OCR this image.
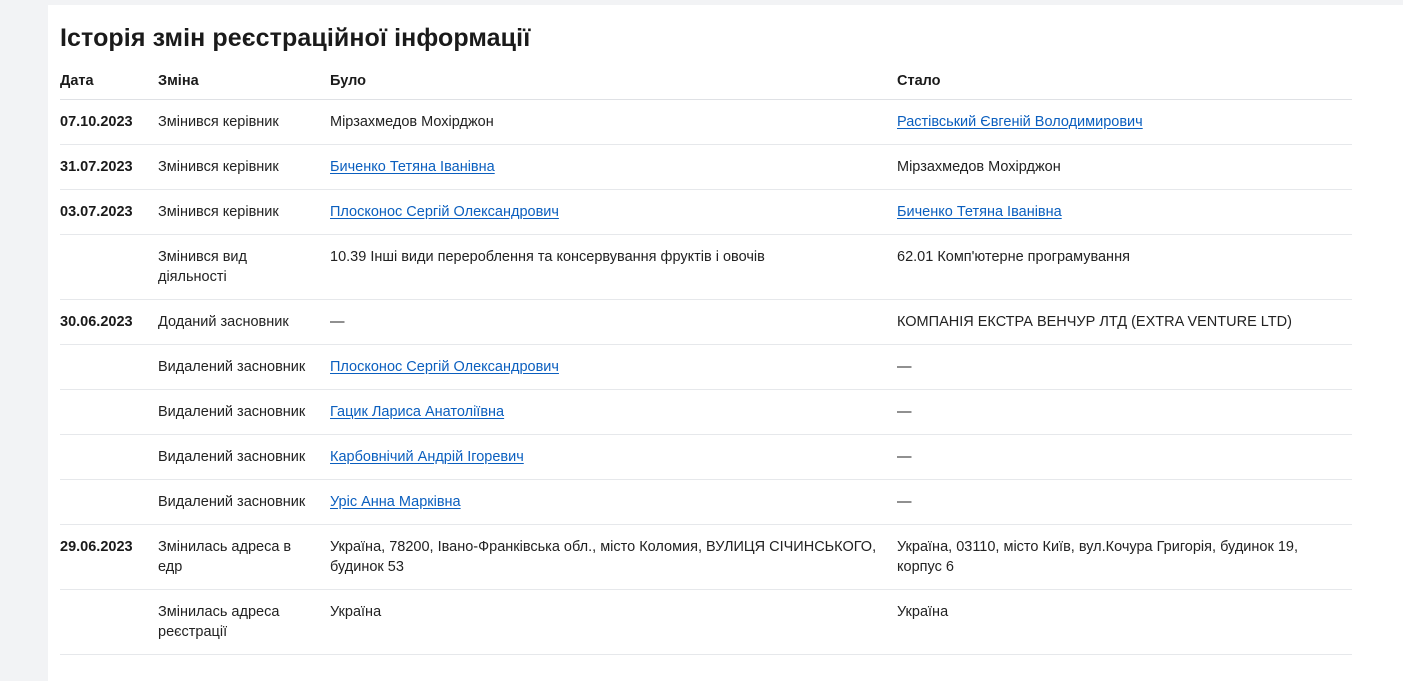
Історія змін реєстраційної інформації
Дата	Зміна	Було	Стало
07.10.2023	Змінився керівник	Мірзахмедов Мохірджон	Растівський Євгеній Володимирович
31.07.2023	Змінився керівник	Биченко Тетяна Іванівна	Мірзахмедов Мохірджон
03.07.2023	Змінився керівник	Плосконос Сергій Олександрович	Биченко Тетяна Іванівна
	Змінився вид діяльності	10.39 Інші види перероблення та консервування фруктів і овочів	62.01 Комп'ютерне програмування
30.06.2023	Доданий засновник	—	КОМПАНІЯ ЕКСТРА ВЕНЧУР ЛТД (EXTRA VENTURE LTD)
	Видалений засновник	Плосконос Сергій Олександрович	—
	Видалений засновник	Гацик Лариса Анатоліївна	—
	Видалений засновник	Карбовнічий Андрій Ігоревич	—
	Видалений засновник	Уріс Анна Марківна	—
29.06.2023	Змінилась адреса в едр	Україна, 78200, Івано-Франківська обл., місто Коломия, ВУЛИЦЯ СІЧИНСЬКОГО, будинок 53	Україна, 03110, місто Київ, вул.Кочура Григорія, будинок 19, корпус 6
	Змінилась адреса реєстрації	Україна	Україна
